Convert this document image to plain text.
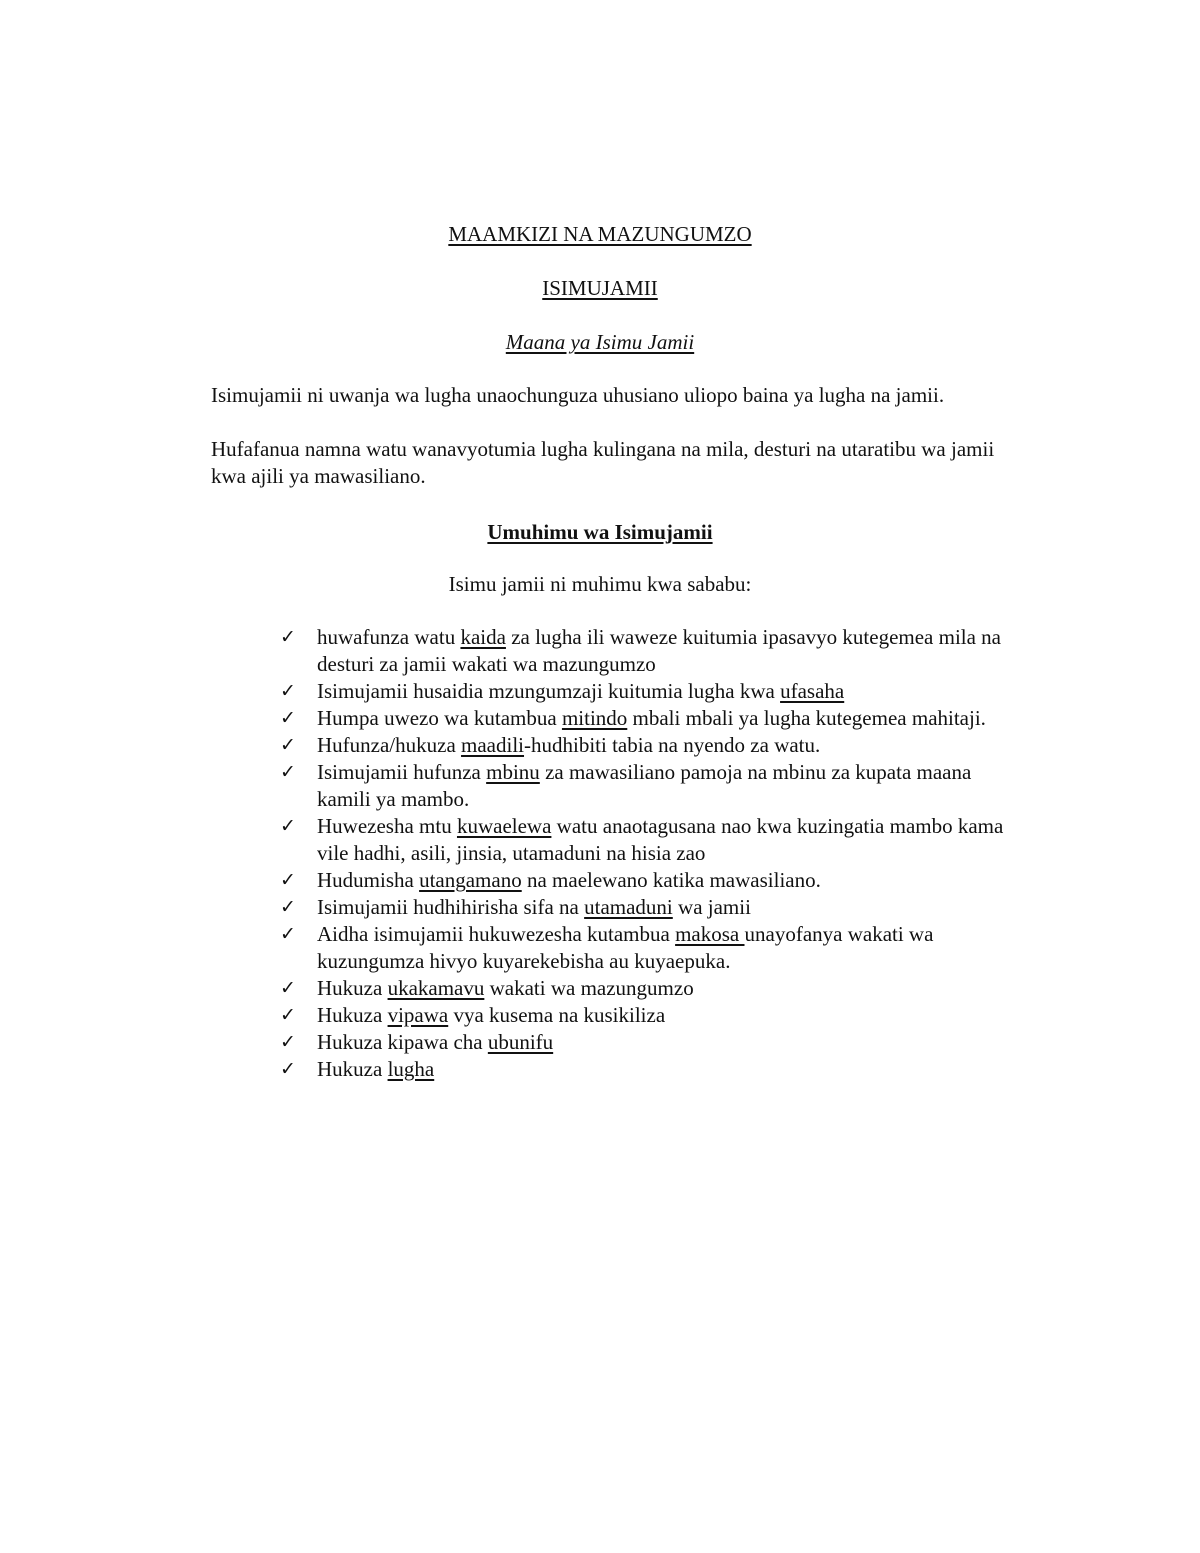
MAAMKIZI NA MAZUNGUMZO
ISIMUJAMII
Maana ya Isimu Jamii

Isimujamii ni uwanja wa lugha unaochunguza uhusiano uliopo baina ya lugha na jamii.

Hufafanua namna watu wanavyotumia lugha kulingana na mila, desturi na utaratibu wa jamii kwa ajili ya mawasiliano.

Umuhimu wa Isimujamii
Isimu jamii ni muhimu kwa sababu:
✓	huwafunza watu kaida za lugha ili waweze kuitumia ipasavyo kutegemea mila na desturi za jamii wakati wa mazungumzo
✓	Isimujamii husaidia mzungumzaji kuitumia lugha kwa ufasaha
✓	Humpa uwezo wa kutambua mitindo mbali mbali ya lugha kutegemea mahitaji.
✓	Hufunza/hukuza maadili-hudhibiti tabia na nyendo za watu.
✓	Isimujamii hufunza mbinu za mawasiliano pamoja na mbinu za kupata maana kamili ya mambo.
✓	Huwezesha mtu kuwaelewa watu anaotagusana nao kwa kuzingatia mambo kama vile hadhi, asili, jinsia, utamaduni na hisia zao
✓	Hudumisha utangamano na maelewano katika mawasiliano.
✓	Isimujamii hudhihirisha sifa na utamaduni wa jamii
✓	Aidha isimujamii hukuwezesha kutambua makosa unayofanya wakati wa kuzungumza hivyo kuyarekebisha au kuyaepuka.
✓	Hukuza ukakamavu wakati wa mazungumzo
✓	Hukuza vipawa vya kusema na kusikiliza
✓	Hukuza kipawa cha ubunifu
✓	Hukuza lugha
